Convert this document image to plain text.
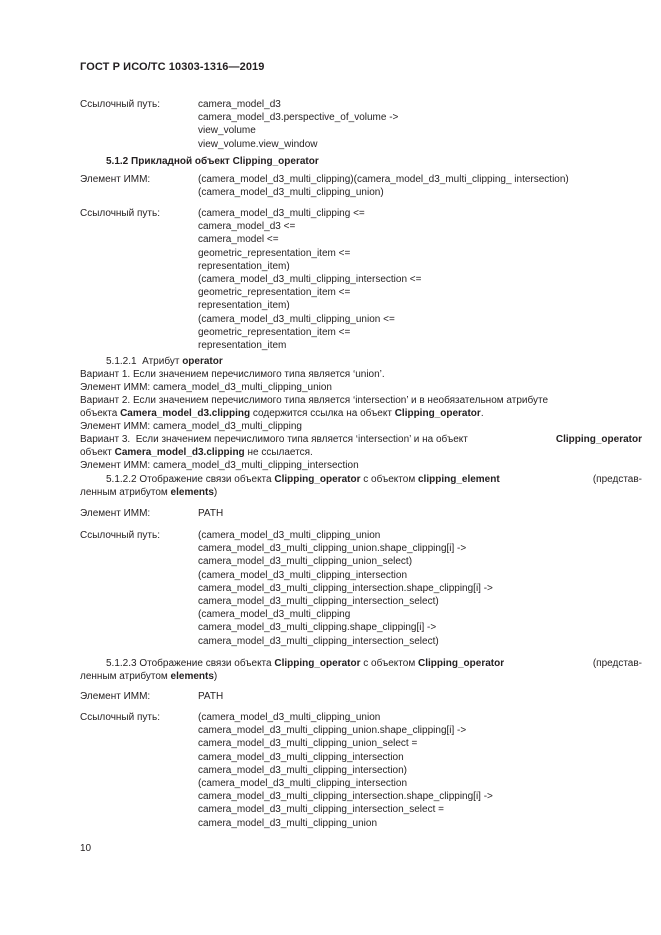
ГОСТ Р ИСО/ТС 10303-1316—2019
Ссылочный путь:	camera_model_d3
camera_model_d3.perspective_of_volume ->
view_volume
view_volume.view_window
5.1.2 Прикладной объект Clipping_operator
Элемент ИММ:	(camera_model_d3_multi_clipping)(camera_model_d3_multi_clipping_ intersection)
(camera_model_d3_multi_clipping_union)
Ссылочный путь:	(camera_model_d3_multi_clipping <=
camera_model_d3 <=
camera_model <=
geometric_representation_item <=
representation_item)
(camera_model_d3_multi_clipping_intersection <=
geometric_representation_item <=
representation_item)
(camera_model_d3_multi_clipping_union <=
geometric_representation_item <=
representation_item
5.1.2.1 Атрибут operator
Вариант 1. Если значением перечислимого типа является ‘union’.
Элемент ИММ: camera_model_d3_multi_clipping_union
Вариант 2. Если значением перечислимого типа является ‘intersection’ и в необязательном атрибуте
объекта Camera_model_d3.clipping содержится ссылка на объект Clipping_operator.
Элемент ИММ: camera_model_d3_multi_clipping
Вариант 3.  Если значением перечислимого типа является ‘intersection’ и на объект	Clipping_operator
объект Camera_model_d3.clipping не ссылается.
Элемент ИММ: camera_model_d3_multi_clipping_intersection
5.1.2.2 Отображение связи объекта Clipping_operator с объектом clipping_element	(представ-
ленным атрибутом elements)
Элемент ИММ:	PATH
Ссылочный путь:	(camera_model_d3_multi_clipping_union
camera_model_d3_multi_clipping_union.shape_clipping[i] ->
camera_model_d3_multi_clipping_union_select)
(camera_model_d3_multi_clipping_intersection
camera_model_d3_multi_clipping_intersection.shape_clipping[i] ->
camera_model_d3_multi_clipping_intersection_select)
(camera_model_d3_multi_clipping
camera_model_d3_multi_clipping.shape_clipping[i] ->
camera_model_d3_multi_clipping_intersection_select)
5.1.2.3 Отображение связи объекта Clipping_operator с объектом Clipping_operator	(представ-
ленным атрибутом elements)
Элемент ИММ:	PATH
Ссылочный путь:	(camera_model_d3_multi_clipping_union
camera_model_d3_multi_clipping_union.shape_clipping[i] ->
camera_model_d3_multi_clipping_union_select =
camera_model_d3_multi_clipping_intersection
camera_model_d3_multi_clipping_intersection)
(camera_model_d3_multi_clipping_intersection
camera_model_d3_multi_clipping_intersection.shape_clipping[i] ->
camera_model_d3_multi_clipping_intersection_select =
camera_model_d3_multi_clipping_union
10
